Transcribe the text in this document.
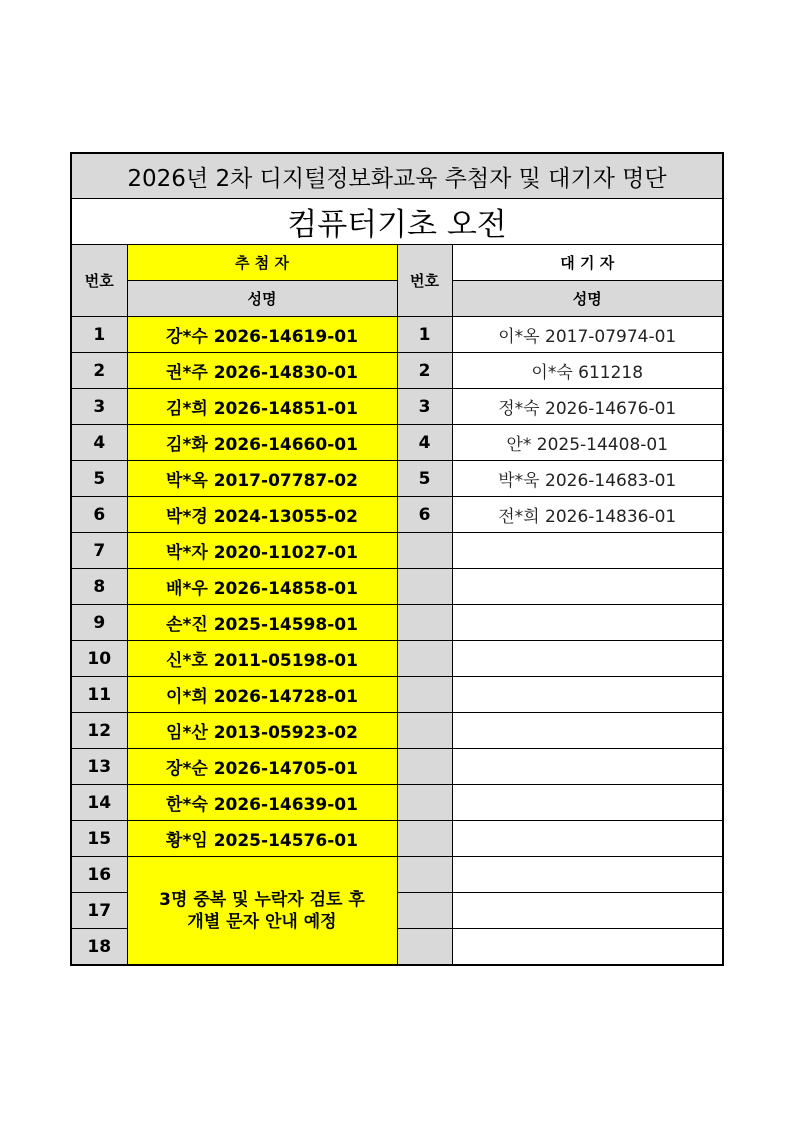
2026년 2차 디지털정보화교육 추첨자 및 대기자 명단			
컴퓨터기초 오전			
번호	추 첨 자	번호	대 기 자
	성명		성명
1	강*수 2026-14619-01	1	이*옥 2017-07974-01
2	권*주 2026-14830-01	2	이*숙 611218
3	김*희 2026-14851-01	3	정*숙 2026-14676-01
4	김*화 2026-14660-01	4	안* 2025-14408-01
5	박*옥 2017-07787-02	5	박*욱 2026-14683-01
6	박*경 2024-13055-02	6	전*희 2026-14836-01
7	박*자 2020-11027-01		
8	배*우 2026-14858-01		
9	손*진 2025-14598-01		
10	신*호 2011-05198-01		
11	이*희 2026-14728-01		
12	임*산 2013-05923-02		
13	장*순 2026-14705-01		
14	한*숙 2026-14639-01		
15	황*임 2025-14576-01		
16	3명 중복 및 누락자 검토 후
개별 문자 안내 예정		

17			
18			
